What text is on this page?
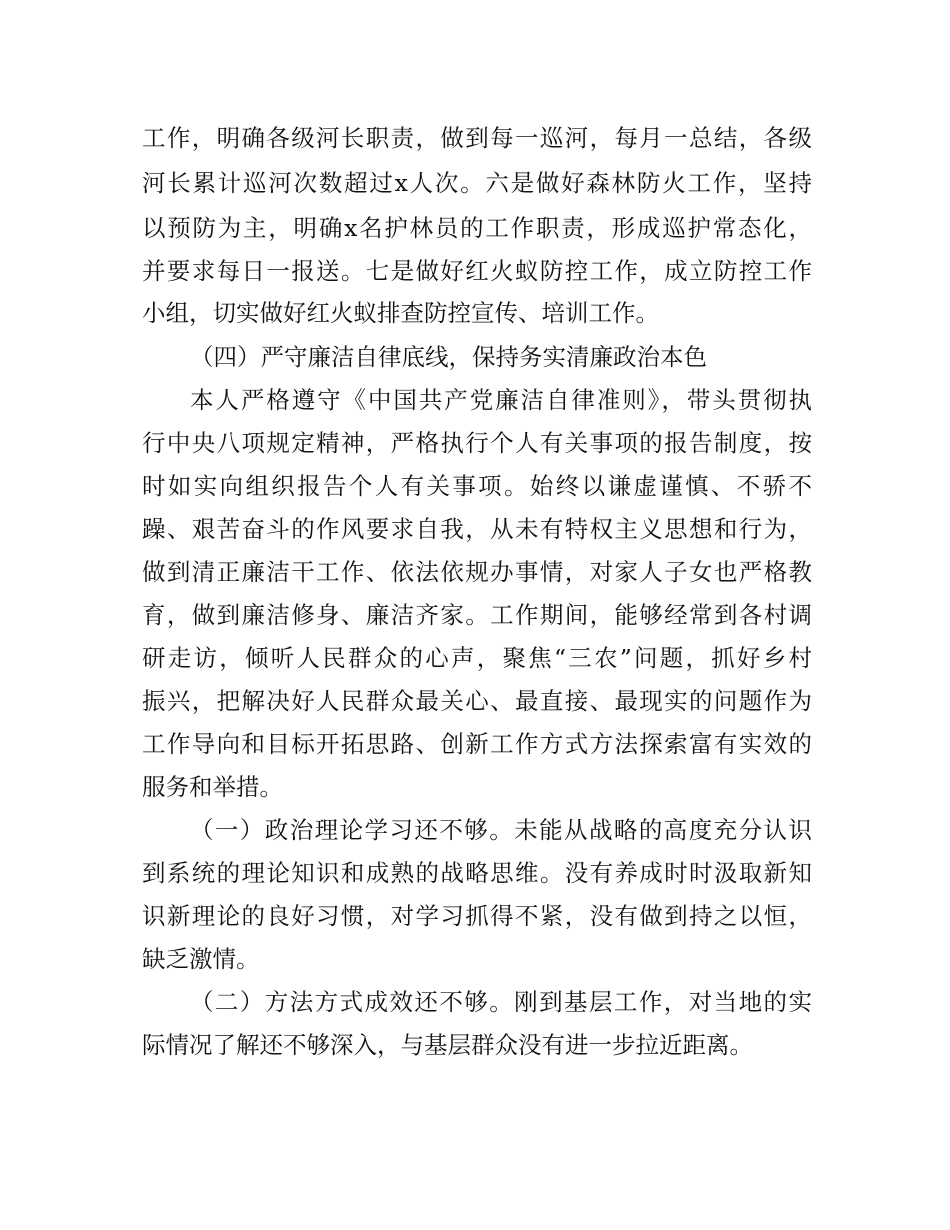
工作，明确各级河长职责，做到每一巡河，每月一总结，各级
河长累计巡河次数超过x人次。六是做好森林防火工作，坚持
以预防为主，明确x名护林员的工作职责，形成巡护常态化，
并要求每日一报送。七是做好红火蚁防控工作，成立防控工作
小组，切实做好红火蚁排查防控宣传、培训工作。
（四）严守廉洁自律底线，保持务实清廉政治本色
本人严格遵守《中国共产党廉洁自律准则》，带头贯彻执
行中央八项规定精神，严格执行个人有关事项的报告制度，按
时如实向组织报告个人有关事项。始终以谦虚谨慎、不骄不
躁、艰苦奋斗的作风要求自我，从未有特权主义思想和行为，
做到清正廉洁干工作、依法依规办事情，对家人子女也严格教
育，做到廉洁修身、廉洁齐家。工作期间，能够经常到各村调
研走访，倾听人民群众的心声，聚焦“三农”问题，抓好乡村
振兴，把解决好人民群众最关心、最直接、最现实的问题作为
工作导向和目标开拓思路、创新工作方式方法探索富有实效的
服务和举措。
（一）政治理论学习还不够。未能从战略的高度充分认识
到系统的理论知识和成熟的战略思维。没有养成时时汲取新知
识新理论的良好习惯，对学习抓得不紧，没有做到持之以恒，
缺乏激情。
（二）方法方式成效还不够。刚到基层工作，对当地的实
际情况了解还不够深入，与基层群众没有进一步拉近距离。
